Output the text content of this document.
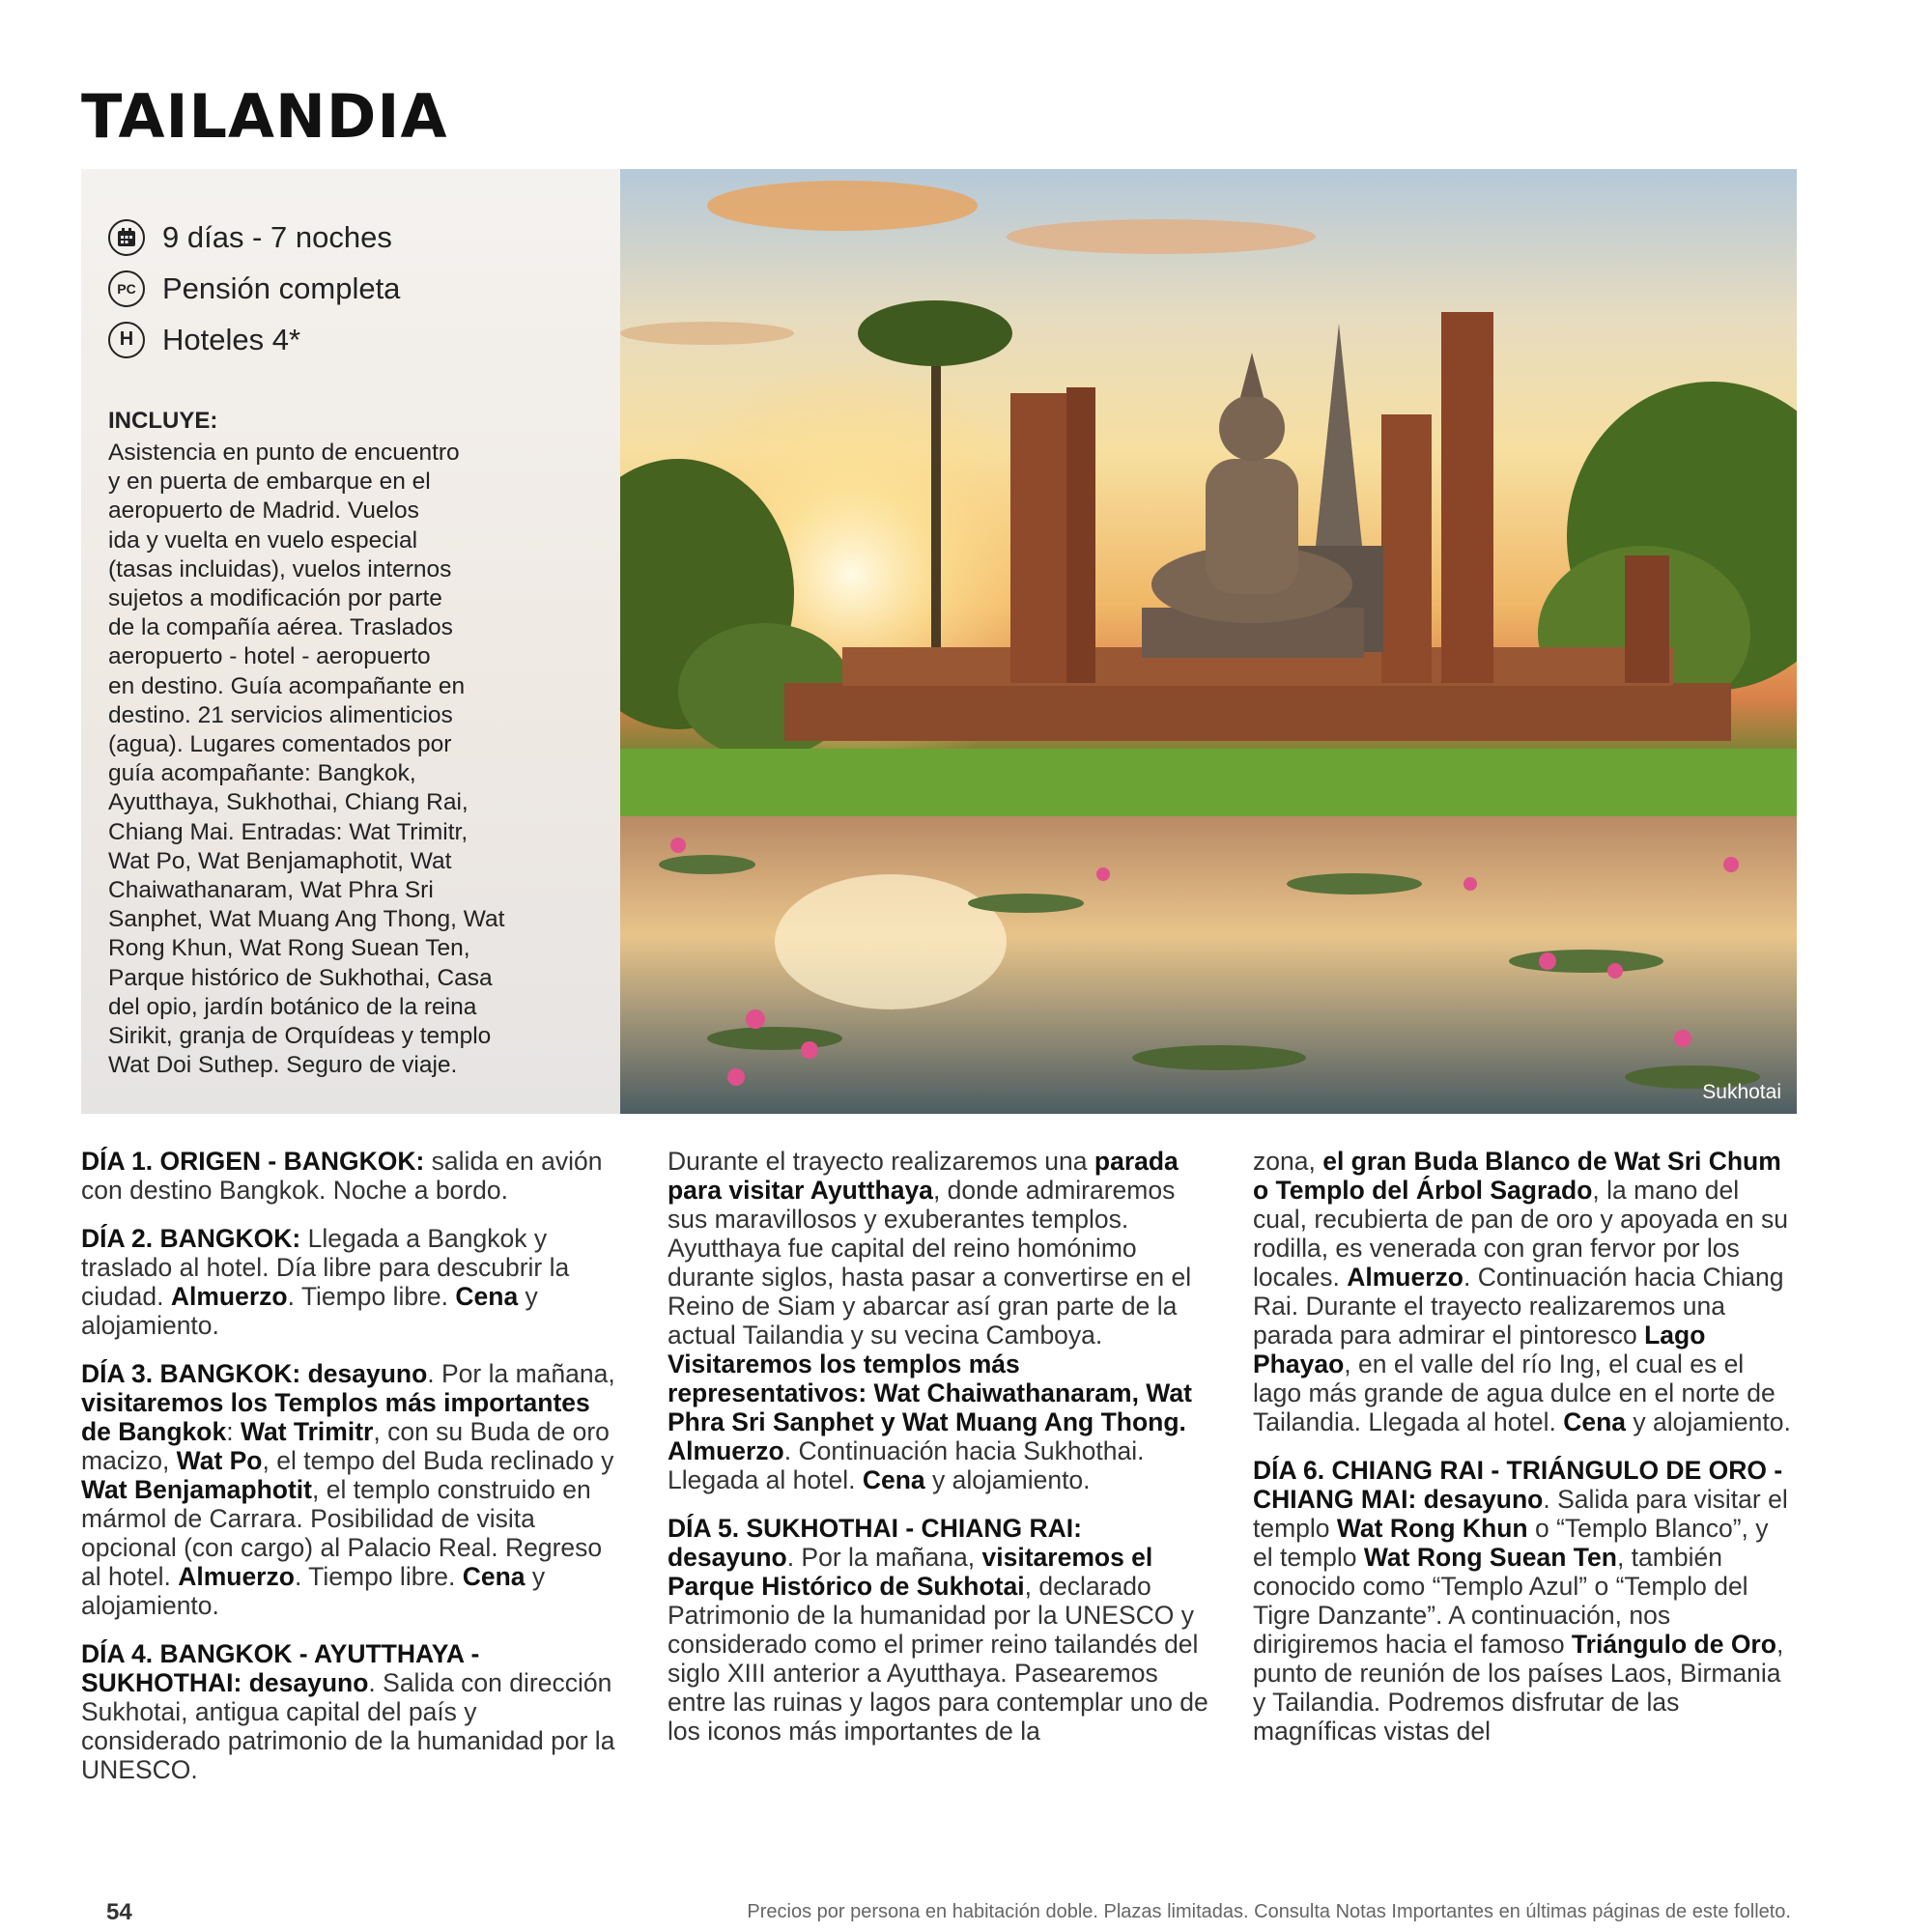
TAILANDIA
9 días - 7 noches
PC Pensión completa
H Hoteles 4*
INCLUYE:
Asistencia en punto de encuentro
y en puerta de embarque en el
aeropuerto de Madrid. Vuelos
ida y vuelta en vuelo especial
(tasas incluidas), vuelos internos
sujetos a modificación por parte
de la compañía aérea. Traslados
aeropuerto - hotel - aeropuerto
en destino. Guía acompañante en
destino. 21 servicios alimenticios
(agua). Lugares comentados por
guía acompañante: Bangkok,
Ayutthaya, Sukhothai, Chiang Rai,
Chiang Mai. Entradas: Wat Trimitr,
Wat Po, Wat Benjamaphotit, Wat
Chaiwathanaram, Wat Phra Sri
Sanphet, Wat Muang Ang Thong, Wat
Rong Khun, Wat Rong Suean Ten,
Parque histórico de Sukhothai, Casa
del opio, jardín botánico de la reina
Sirikit, granja de Orquídeas y templo
Wat Doi Suthep. Seguro de viaje.
Sukhotai

DÍA 1. ORIGEN - BANGKOK: salida en avión con destino Bangkok. Noche a bordo.

DÍA 2. BANGKOK: Llegada a Bangkok y traslado al hotel. Día libre para descubrir la ciudad. Almuerzo. Tiempo libre. Cena y alojamiento.

DÍA 3. BANGKOK: desayuno. Por la mañana, visitaremos los Templos más importantes de Bangkok: Wat Trimitr, con su Buda de oro macizo, Wat Po, el tempo del Buda reclinado y Wat Benjamaphotit, el templo construido en mármol de Carrara. Posibilidad de visita opcional (con cargo) al Palacio Real. Regreso al hotel. Almuerzo. Tiempo libre. Cena y alojamiento.

DÍA 4. BANGKOK - AYUTTHAYA - SUKHOTHAI: desayuno. Salida con dirección Sukhotai, antigua capital del país y considerado patrimonio de la humanidad por la UNESCO.

Durante el trayecto realizaremos una parada para visitar Ayutthaya, donde admiraremos sus maravillosos y exuberantes templos. Ayutthaya fue capital del reino homónimo durante siglos, hasta pasar a convertirse en el Reino de Siam y abarcar así gran parte de la actual Tailandia y su vecina Camboya. Visitaremos los templos más representativos: Wat Chaiwathanaram, Wat Phra Sri Sanphet y Wat Muang Ang Thong. Almuerzo. Continuación hacia Sukhothai. Llegada al hotel. Cena y alojamiento.

DÍA 5. SUKHOTHAI - CHIANG RAI: desayuno. Por la mañana, visitaremos el Parque Histórico de Sukhotai, declarado Patrimonio de la humanidad por la UNESCO y considerado como el primer reino tailandés del siglo XIII anterior a Ayutthaya. Pasearemos entre las ruinas y lagos para contemplar uno de los iconos más importantes de la

zona, el gran Buda Blanco de Wat Sri Chum o Templo del Árbol Sagrado, la mano del cual, recubierta de pan de oro y apoyada en su rodilla, es venerada con gran fervor por los locales. Almuerzo. Continuación hacia Chiang Rai. Durante el trayecto realizaremos una parada para admirar el pintoresco Lago Phayao, en el valle del río Ing, el cual es el lago más grande de agua dulce en el norte de Tailandia. Llegada al hotel. Cena y alojamiento.

DÍA 6. CHIANG RAI - TRIÁNGULO DE ORO - CHIANG MAI: desayuno. Salida para visitar el templo Wat Rong Khun o “Templo Blanco”, y el templo Wat Rong Suean Ten, también conocido como “Templo Azul” o “Templo del Tigre Danzante”. A continuación, nos dirigiremos hacia el famoso Triángulo de Oro, punto de reunión de los países Laos, Birmania y Tailandia. Podremos disfrutar de las magníficas vistas del

54	Precios por persona en habitación doble. Plazas limitadas. Consulta Notas Importantes en últimas páginas de este folleto.
